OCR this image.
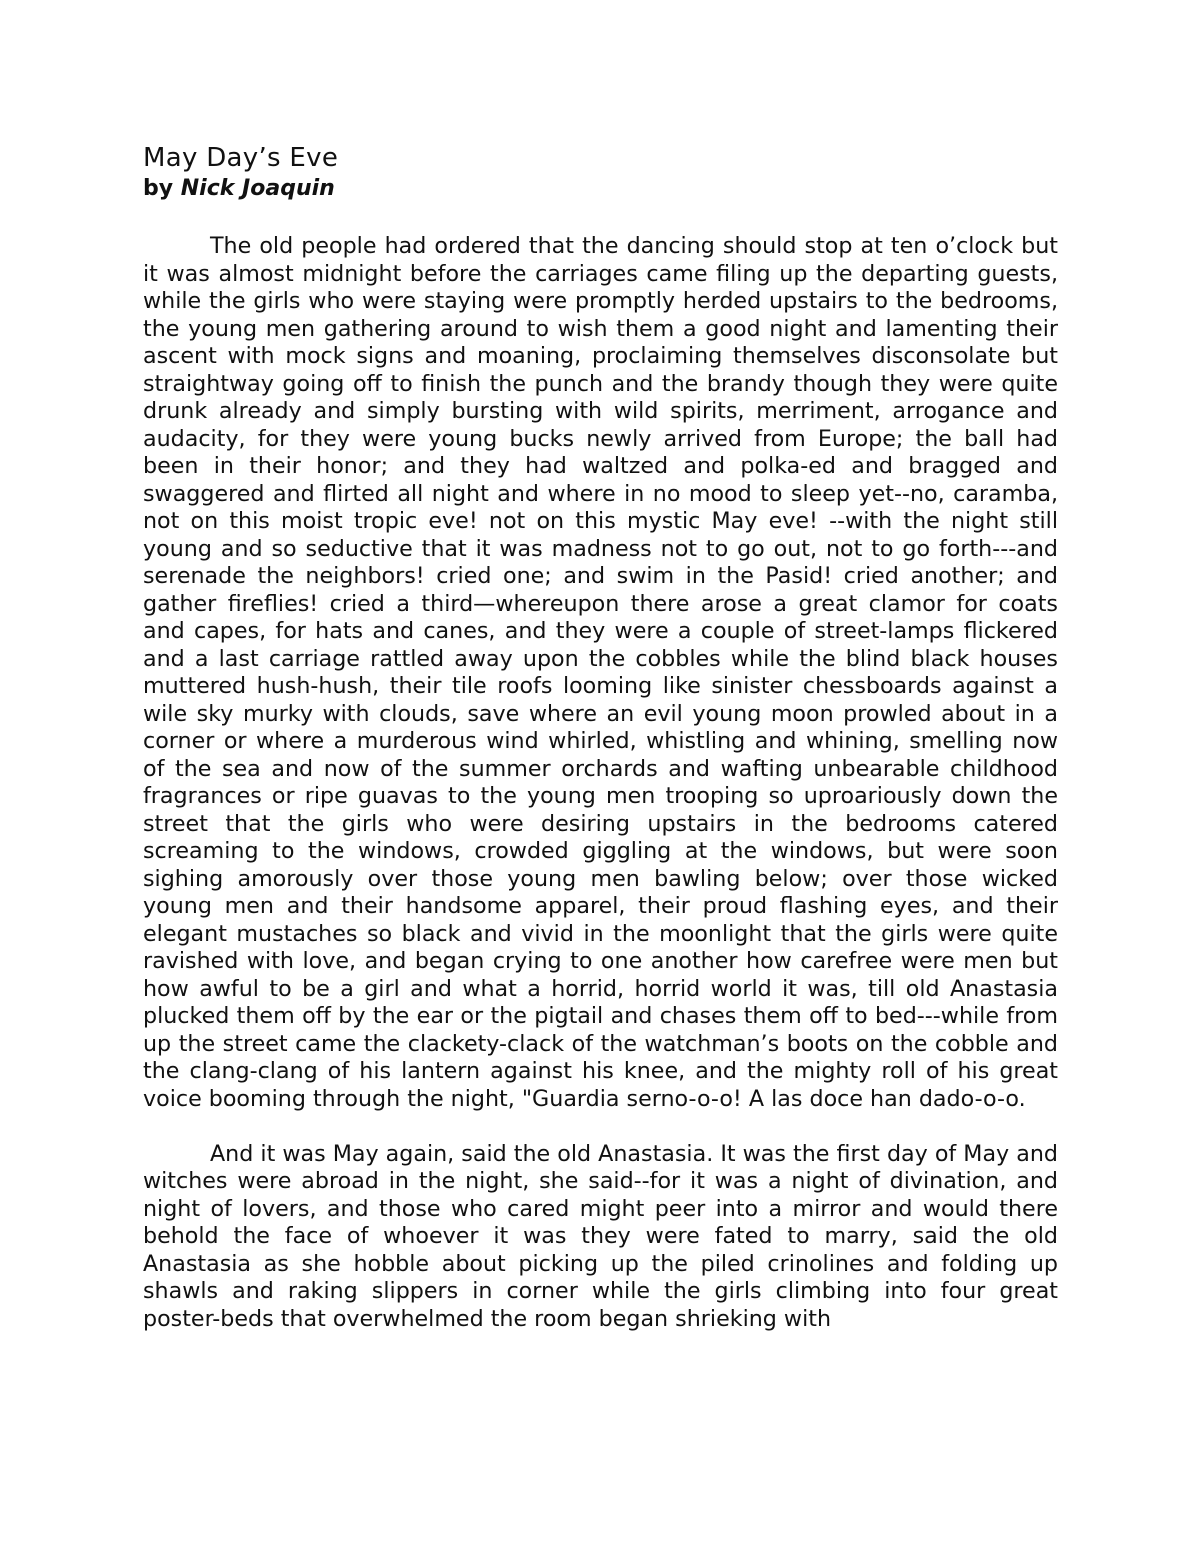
May Day’s Eve

by Nick Joaquin

The old people had ordered that the dancing should stop at ten o’clock but it was almost midnight before the carriages came filing up the departing guests, while the girls who were staying were promptly herded upstairs to the bedrooms, the young men gathering around to wish them a good night and lamenting their ascent with mock signs and moaning, proclaiming themselves disconsolate but straightway going off to finish the punch and the brandy though they were quite drunk already and simply bursting with wild spirits, merriment, arrogance and audacity, for they were young bucks newly arrived from Europe; the ball had been in their honor; and they had waltzed and polka-ed and bragged and swaggered and flirted all night and where in no mood to sleep yet--no, caramba, not on this moist tropic eve! not on this mystic May eve! --with the night still young and so seductive that it was madness not to go out, not to go forth---and serenade the neighbors! cried one; and swim in the Pasid! cried another; and gather fireflies! cried a third—whereupon there arose a great clamor for coats and capes, for hats and canes, and they were a couple of street-lamps flickered and a last carriage rattled away upon the cobbles while the blind black houses muttered hush-hush, their tile roofs looming like sinister chessboards against a wile sky murky with clouds, save where an evil young moon prowled about in a corner or where a murderous wind whirled, whistling and whining, smelling now of the sea and now of the summer orchards and wafting unbearable childhood fragrances or ripe guavas to the young men trooping so uproariously down the street that the girls who were desiring upstairs in the bedrooms catered screaming to the windows, crowded giggling at the windows, but were soon sighing amorously over those young men bawling below; over those wicked young men and their handsome apparel, their proud flashing eyes, and their elegant mustaches so black and vivid in the moonlight that the girls were quite ravished with love, and began crying to one another how carefree were men but how awful to be a girl and what a horrid, horrid world it was, till old Anastasia plucked them off by the ear or the pigtail and chases them off to bed---while from up the street came the clackety-clack of the watchman’s boots on the cobble and the clang-clang of his lantern against his knee, and the mighty roll of his great voice booming through the night, "Guardia serno-o-o! A las doce han dado-o-o.

And it was May again, said the old Anastasia. It was the first day of May and witches were abroad in the night, she said--for it was a night of divination, and night of lovers, and those who cared might peer into a mirror and would there behold the face of whoever it was they were fated to marry, said the old Anastasia as she hobble about picking up the piled crinolines and folding up shawls and raking slippers in corner while the girls climbing into four great poster-beds that overwhelmed the room began shrieking with
